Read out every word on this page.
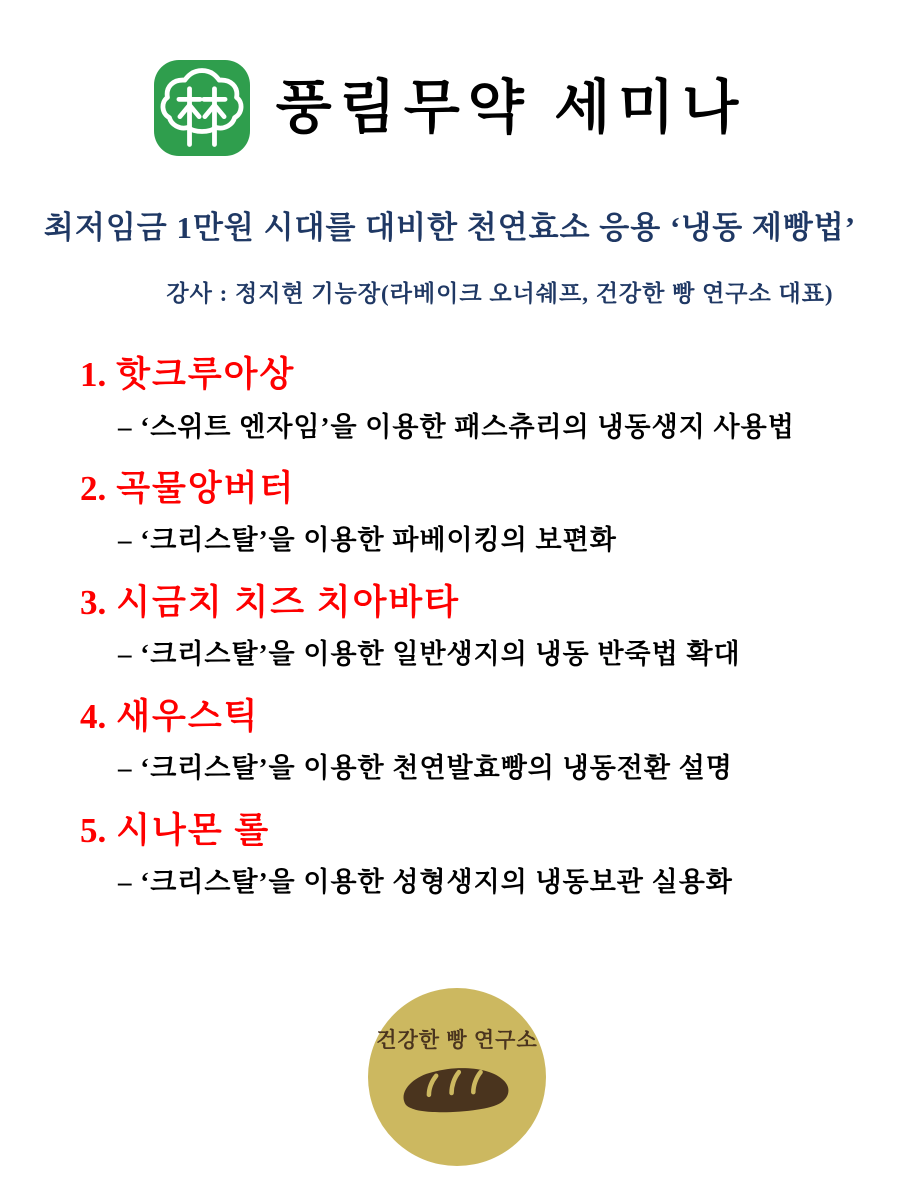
풍림무약 세미나
최저임금 1만원 시대를 대비한 천연효소 응용 ‘냉동 제빵법’
강사 : 정지현 기능장(라베이크 오너쉐프, 건강한 빵 연구소 대표)
1. 핫크루아상
– ‘스위트 엔자임’을 이용한 패스츄리의 냉동생지 사용법
2. 곡물앙버터
– ‘크리스탈’을 이용한 파베이킹의 보편화
3. 시금치 치즈 치아바타
– ‘크리스탈’을 이용한 일반생지의 냉동 반죽법 확대
4. 새우스틱
– ‘크리스탈’을 이용한 천연발효빵의 냉동전환 설명
5. 시나몬 롤
– ‘크리스탈’을 이용한 성형생지의 냉동보관 실용화
건강한 빵 연구소
